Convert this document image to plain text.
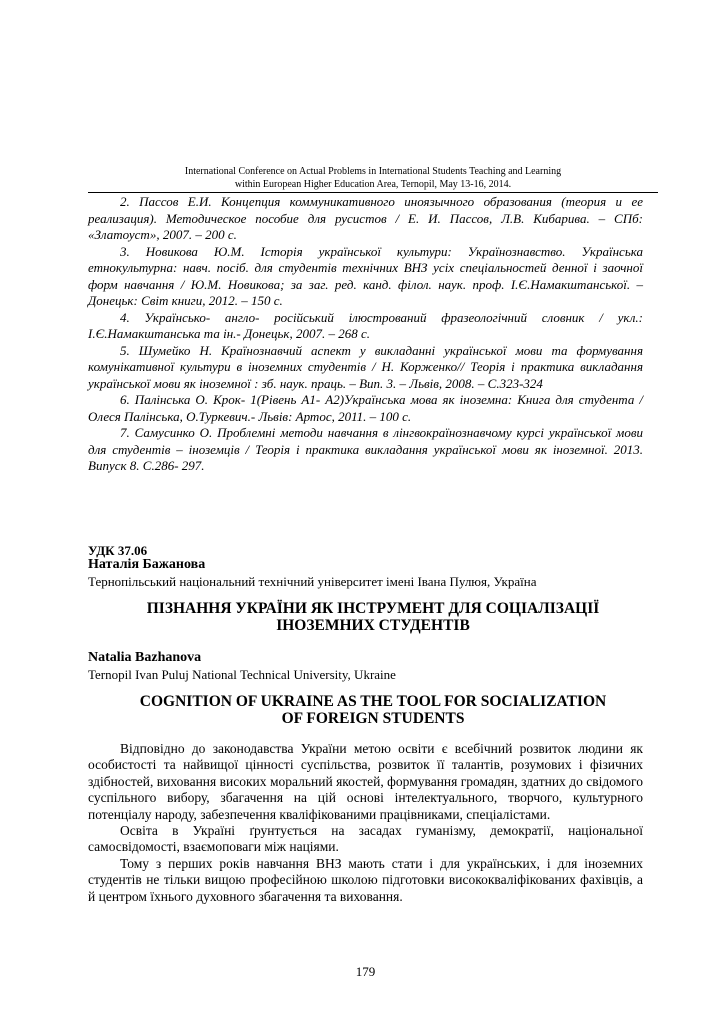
International Conference on Actual Problems in International Students Teaching and Learning
within European Higher Education Area, Ternopil, May 13-16, 2014.

2. Пассов Е.И. Концепция коммуникативного иноязычного образования (теория и ее реализация). Методическое пособие для русистов / Е. И. Пассов, Л.В. Кибарива. – СПб: «Златоуст», 2007. – 200 с.

3. Новикова Ю.М. Історія української культури: Українознавство. Українська етнокультурна: навч. посіб. для студентів технічних ВНЗ усіх спеціальностей денної і заочної форм навчання / Ю.М. Новикова; за заг. ред. канд. філол. наук. проф. І.Є.Намакштанської. – Донецьк: Світ книги, 2012. – 150 с.

4. Українсько- англо- російський ілюстрований фразеологічний словник / укл.: І.Є.Намакштанська та ін.- Донецьк, 2007. – 268 с.

5. Шумейко Н. Країнознавчий аспект у викладанні української мови та формування комунікативної культури в іноземних студентів / Н. Корженко// Теорія і практика викладання української мови як іноземної : зб. наук. праць. – Вип. 3. – Львів, 2008. – С.323-324

6. Палінська О. Крок- 1(Рівень А1- А2)Українська мова як іноземна: Книга для студента / Олеся Палінська, О.Туркевич.- Львів: Артос, 2011. – 100 с.

7. Самусинко О. Проблемні методи навчання в лінгвокраїнознавчому курсі української мови для студентів – іноземців / Теорія і практика викладання української мови як іноземної. 2013. Випуск 8. С.286- 297.

УДК 37.06
Наталія Бажанова
Тернопільський національний технічний університет імені Івана Пулюя, Україна
ПІЗНАННЯ УКРАЇНИ ЯК ІНСТРУМЕНТ ДЛЯ СОЦІАЛІЗАЦІЇ
ІНОЗЕМНИХ СТУДЕНТІВ
Natalia Bazhanova
Ternopil Ivan Puluj National Technical University, Ukraine
COGNITION OF UKRAINE AS THE TOOL FOR SOCIALIZATION
OF FOREIGN STUDENTS

Відповідно до законодавства України метою освіти є всебічний розвиток людини як особистості та найвищої цінності суспільства, розвиток її талантів, розумових і фізичних здібностей, виховання високих моральний якостей, формування громадян, здатних до свідомого суспільного вибору, збагачення на цій основі інтелектуального, творчого, культурного потенціалу народу, забезпечення кваліфікованими працівниками, спеціалістами.

Освіта в Україні ґрунтується на засадах гуманізму, демократії, національної самосвідомості, взаємоповаги між націями.

Тому з перших років навчання ВНЗ мають стати і для українських, і для іноземних студентів не тільки вищою професійною школою підготовки висококваліфікованих фахівців, а й центром їхнього духовного збагачення та виховання.

179
